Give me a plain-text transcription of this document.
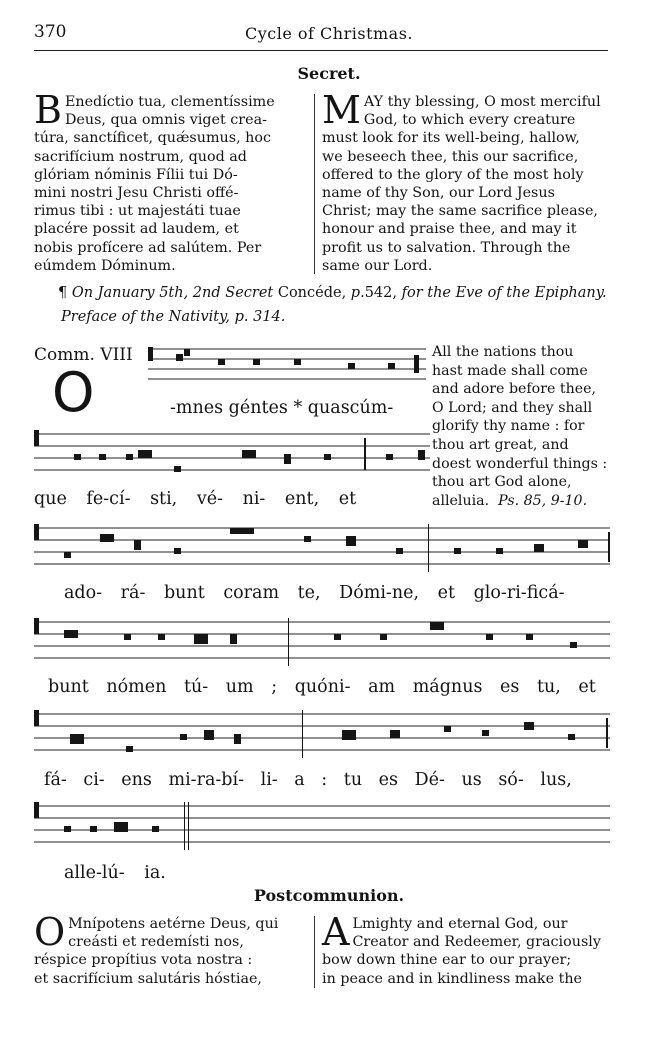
370	Cycle of Christmas.
Secret.
B Enedíctio tua, clementíssime
Deus, qua omnis viget crea-
túra, sanctíficet, quǽsumus, hoc
sacrifícium nostrum, quod ad
glóriam nóminis Fílii tui Dó-
mini nostri Jesu Christi offé-
rimus tibi : ut majestáti tuae
placére possit ad laudem, et
nobis profícere ad salútem. Per
eúmdem Dóminum.
M AY thy blessing, O most merciful
God, to which every creature
must look for its well-being, hallow,
we beseech thee, this our sacrifice,
offered to the glory of the most holy
name of thy Son, our Lord Jesus
Christ; may the same sacrifice please,
honour and praise thee, and may it
profit us to salvation. Through the
same our Lord.
¶ On January 5th, 2nd Secret Concéde, p.542, for the Eve of the Epiphany.
Preface of the Nativity, p. 314.
Comm. VIII
O
All the nations thou
hast made shall come
and adore before thee,
O Lord; and they shall
glorify thy name : for
thou art great, and
doest wonderful things :
thou art God alone,
alleluia. Ps. 85, 9-10.
-mnes géntes * quascúm-
que fe-cí- sti, vé- ni- ent, et
ado- rá- bunt coram te, Dómi-ne, et glo-ri-ficá-
bunt nómen tú- um ; quóni- am mágnus es tu, et
fá- ci- ens mi-ra-bí- li- a : tu es Dé- us só- lus,
alle-lú- ia.
Postcommunion.
O Mnípotens aetérne Deus, qui
creásti et redemísti nos,
réspice propítius vota nostra :
et sacrifícium salutáris hóstiae,
A Lmighty and eternal God, our
Creator and Redeemer, graciously
bow down thine ear to our prayer;
in peace and in kindliness make the
